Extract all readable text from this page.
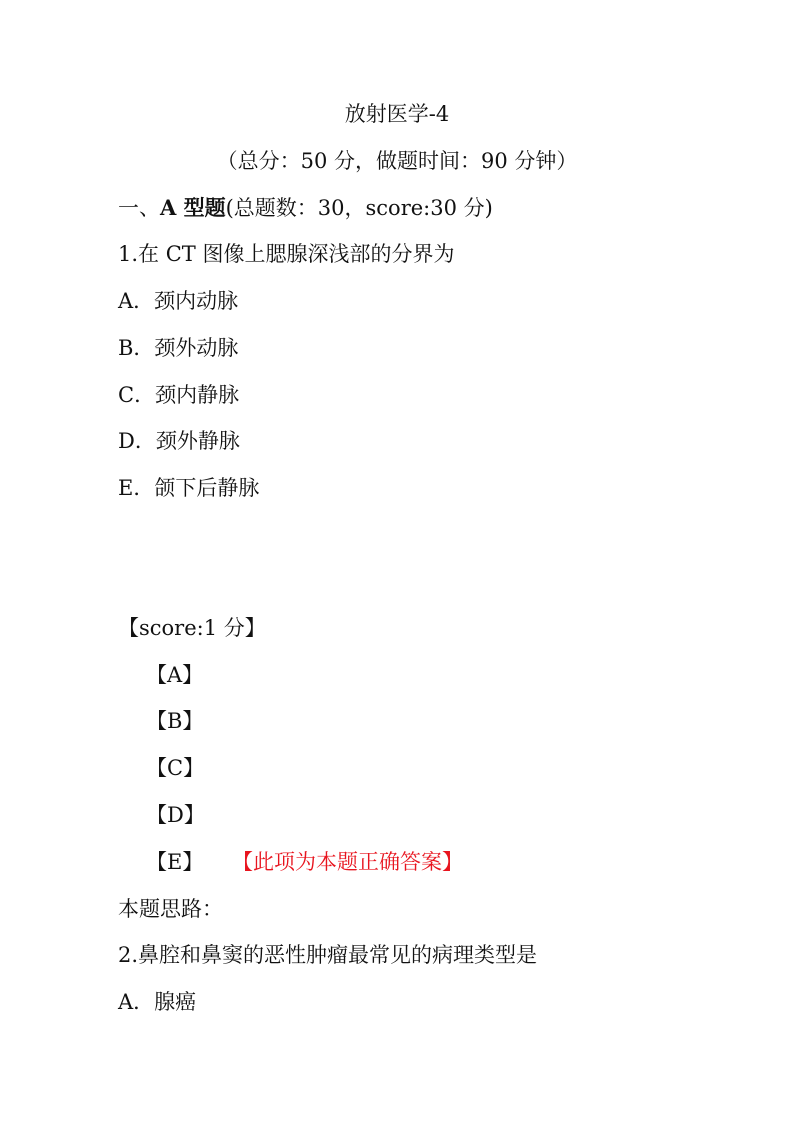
放射医学-4
（总分：50 分，做题时间：90 分钟）
一、A 型题(总题数：30，score:30 分)
1.在 CT 图像上腮腺深浅部的分界为
A．颈内动脉
B．颈外动脉
C．颈内静脉
D．颈外静脉
E．颌下后静脉
【score:1 分】
【A】
【B】
【C】
【D】
【E】 【此项为本题正确答案】
本题思路：
2.鼻腔和鼻窦的恶性肿瘤最常见的病理类型是
A．腺癌
